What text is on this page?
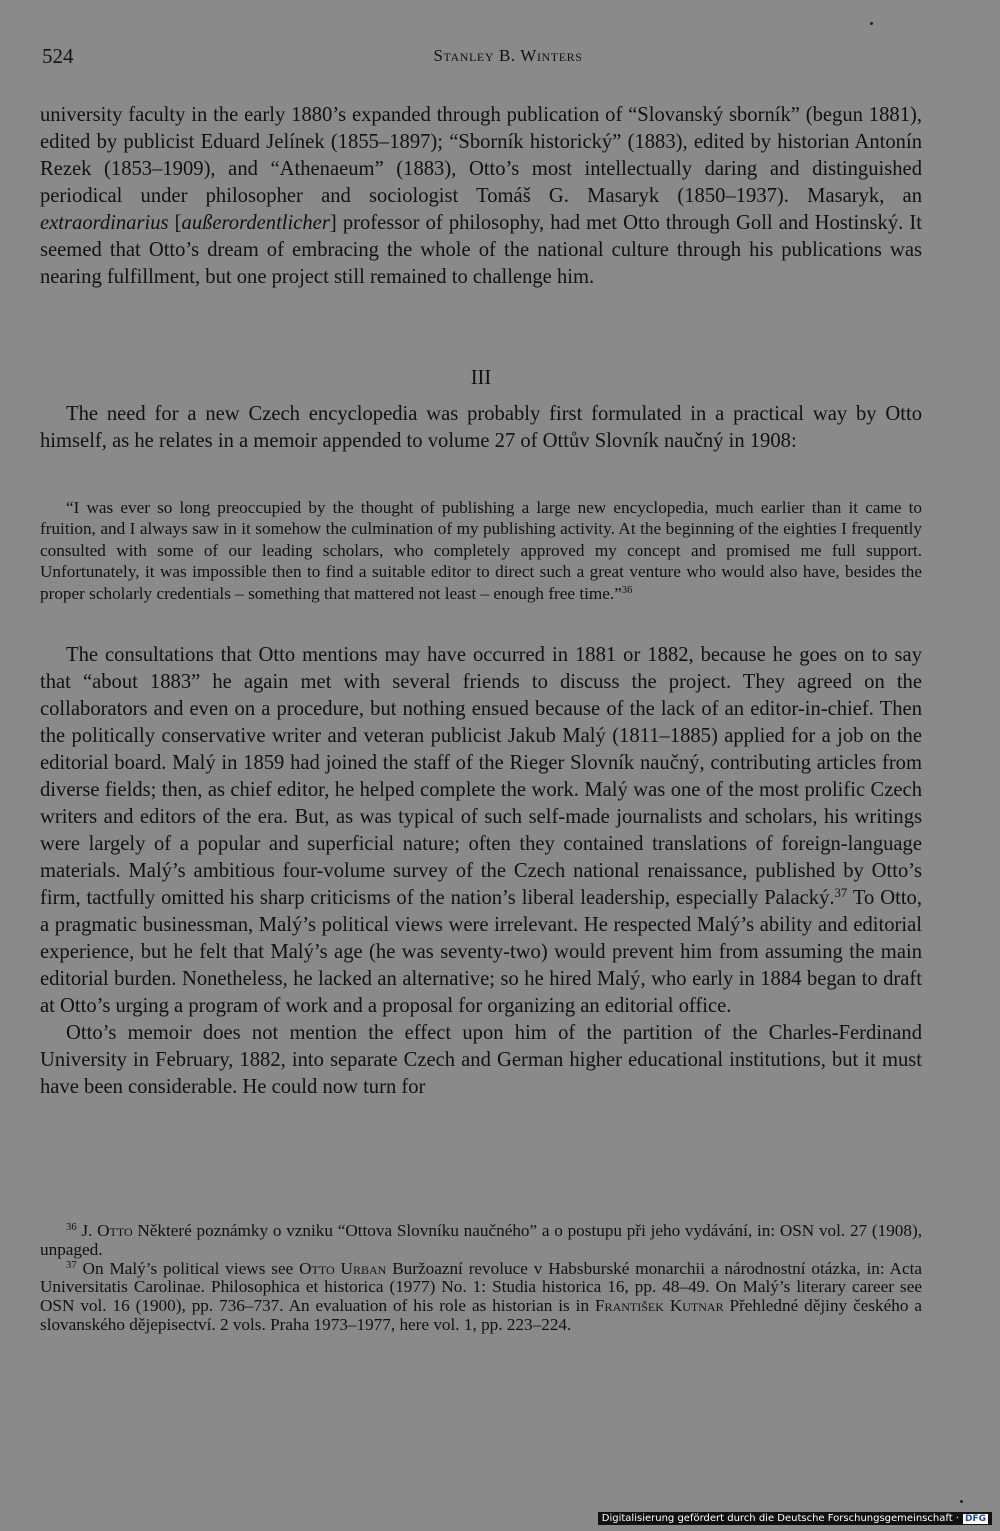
524	Stanley B. Winters

university faculty in the early 1880’s expanded through publication of “Slovanský sborník” (begun 1881), edited by publicist Eduard Jelínek (1855–1897); “Sborník historický” (1883), edited by historian Antonín Rezek (1853–1909), and “Athenaeum” (1883), Otto’s most intellectually daring and distinguished periodical under philosopher and sociologist Tomáš G. Masaryk (1850–1937). Masaryk, an extraordinarius [außerordentlicher] professor of philosophy, had met Otto through Goll and Hostinský. It seemed that Otto’s dream of embracing the whole of the national culture through his publications was nearing fulfillment, but one project still remained to challenge him.

III

The need for a new Czech encyclopedia was probably first formulated in a practical way by Otto himself, as he relates in a memoir appended to volume 27 of Ottův Slovník naučný in 1908:

“I was ever so long preoccupied by the thought of publishing a large new encyclopedia, much earlier than it came to fruition, and I always saw in it somehow the culmination of my publishing activity. At the beginning of the eighties I frequently consulted with some of our leading scholars, who completely approved my concept and promised me full support. Unfortunately, it was impossible then to find a suitable editor to direct such a great venture who would also have, besides the proper scholarly credentials – something that mattered not least – enough free time.”$^{36}$

The consultations that Otto mentions may have occurred in 1881 or 1882, because he goes on to say that “about 1883” he again met with several friends to discuss the project. They agreed on the collaborators and even on a procedure, but nothing ensued because of the lack of an editor-in-chief. Then the politically conservative writer and veteran publicist Jakub Malý (1811–1885) applied for a job on the editorial board. Malý in 1859 had joined the staff of the Rieger Slovník naučný, contributing articles from diverse fields; then, as chief editor, he helped complete the work. Malý was one of the most prolific Czech writers and editors of the era. But, as was typical of such self-made journalists and scholars, his writings were largely of a popular and superficial nature; often they contained translations of foreign-language materials. Malý’s ambitious four-volume survey of the Czech national renaissance, published by Otto’s firm, tactfully omitted his sharp criticisms of the nation’s liberal leadership, especially Palacký.$^{37}$ To Otto, a pragmatic businessman, Malý’s political views were irrelevant. He respected Malý’s ability and editorial experience, but he felt that Malý’s age (he was seventy-two) would prevent him from assuming the main editorial burden. Nonetheless, he lacked an alternative; so he hired Malý, who early in 1884 began to draft at Otto’s urging a program of work and a proposal for organizing an editorial office.

Otto’s memoir does not mention the effect upon him of the partition of the Charles-Ferdinand University in February, 1882, into separate Czech and German higher educational institutions, but it must have been considerable. He could now turn for

$^{36}$ J. Otto Některé poznámky o vzniku “Ottova Slovníku naučného” a o postupu při jeho vydávání, in: OSN vol. 27 (1908), unpaged.

$^{37}$ On Malý’s political views see Otto Urban Buržoazní revoluce v Habsburské monarchii a národnostní otázka, in: Acta Universitatis Carolinae. Philosophica et historica (1977) No. 1: Studia historica 16, pp. 48–49. On Malý’s literary career see OSN vol. 16 (1900), pp. 736–737. An evaluation of his role as historian is in František Kutnar Přehledné dějiny českého a slovanského dějepisectví. 2 vols. Praha 1973–1977, here vol. 1, pp. 223–224.

Digitalisierung gefördert durch die Deutsche Forschungsgemeinschaft · DFG
